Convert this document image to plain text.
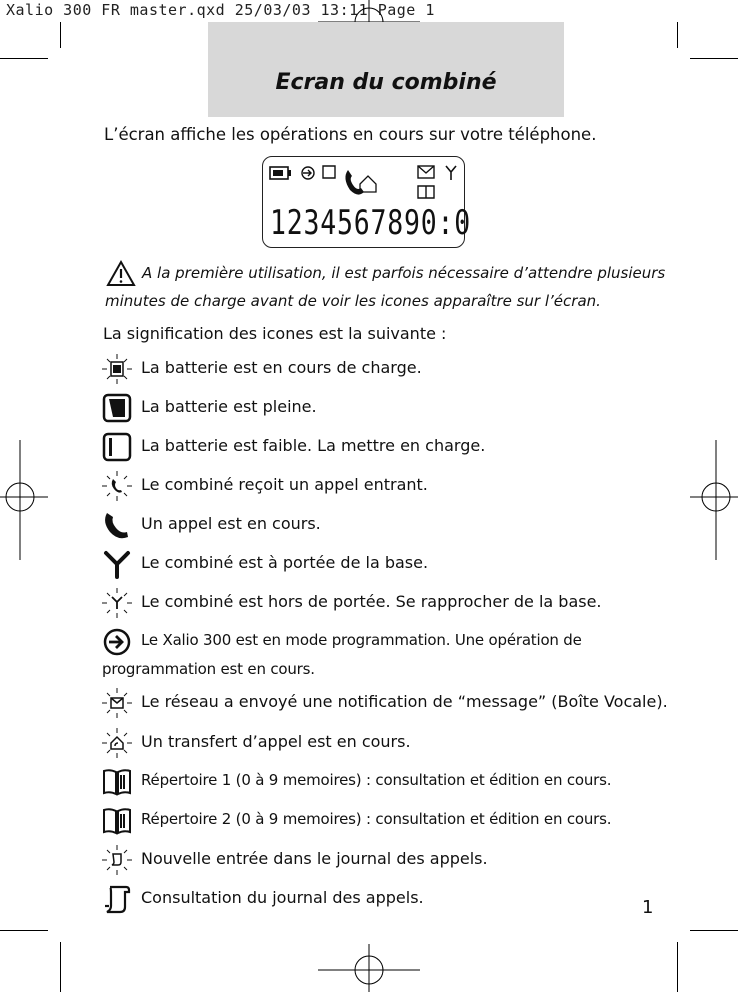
Xalio 300 FR master.qxd 25/03/03 13:11 Page 1
Ecran du combiné
L’écran affiche les opérations en cours sur votre téléphone.
1234567890:0
A la première utilisation, il est parfois nécessaire d’attendre plusieurs
minutes de charge avant de voir les icones apparaître sur l’écran.
La signification des icones est la suivante :
La batterie est en cours de charge.
La batterie est pleine.
La batterie est faible. La mettre en charge.
Le combiné reçoit un appel entrant.
Un appel est en cours.
Le combiné est à portée de la base.
Le combiné est hors de portée. Se rapprocher de la base.
Le Xalio 300 est en mode programmation. Une opération de
programmation est en cours.
Le réseau a envoyé une notification de “message” (Boîte Vocale).
Un transfert d’appel est en cours.
Répertoire 1 (0 à 9 memoires) : consultation et édition en cours.
Répertoire 2 (0 à 9 memoires) : consultation et édition en cours.
Nouvelle entrée dans le journal des appels.
Consultation du journal des appels.	1
